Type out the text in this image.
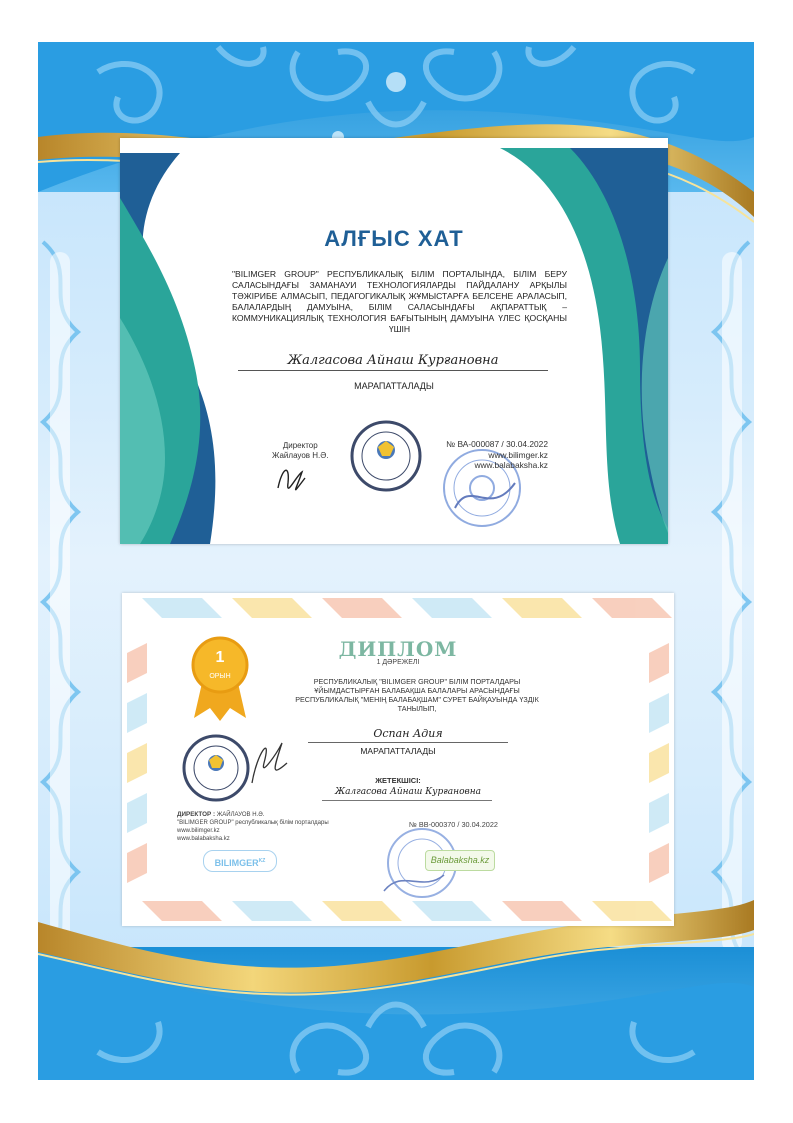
АЛҒЫС ХАТ
"BILIMGER GROUP" РЕСПУБЛИКАЛЫҚ БІЛІМ ПОРТАЛЫНДА, БІЛІМ БЕРУ САЛАСЫНДАҒЫ ЗАМАНАУИ ТЕХНОЛОГИЯЛАРДЫ ПАЙДАЛАНУ АРҚЫЛЫ ТӘЖІРИБЕ АЛМАСЫП, ПЕДАГОГИКАЛЫҚ ЖҰМЫСТАРҒА БЕЛСЕНЕ АРАЛАСЫП, БАЛАЛАРДЫҢ ДАМУЫНА, БІЛІМ САЛАСЫНДАҒЫ АҚПАРАТТЫҚ – КОММУНИКАЦИЯЛЫҚ ТЕХНОЛОГИЯ БАҒЫТЫНЫҢ ДАМУЫНА ҮЛЕС ҚОСҚАНЫ ҮШІН
Жалгасова Айнаш Курғановна
МАРАПАТТАЛАДЫ
Директор
Жайлауов Н.Ә.
№ ВА-000087 / 30.04.2022
www.bilimger.kz
www.balabaksha.kz
1
ОРЫН
ДИПЛОМ
1 ДӘРЕЖЕЛІ
РЕСПУБЛИКАЛЫҚ "BILIMGER GROUP" БІЛІМ ПОРТАЛДАРЫ ҰЙЫМДАСТЫРҒАН БАЛАБАҚША БАЛАЛАРЫ АРАСЫНДАҒЫ РЕСПУБЛИКАЛЫҚ "МЕНІҢ БАЛАБАҚШАМ" СУРЕТ БАЙҚАУЫНДА ҮЗДІК ТАНЫЛЫП,
Оспан Адия
МАРАПАТТАЛАДЫ
ЖЕТЕКШІСІ:
Жалгасова Айнаш Курғановна
ДИРЕКТОР : ЖАЙЛАУОВ Н.Ә.
"BILIMGER GROUP" республикалық білім порталдары
www.bilimger.kz
www.balabaksha.kz
№ ВВ-000370 / 30.04.2022
$BILIMGER^{KZ}$	Balabaksha.kz
